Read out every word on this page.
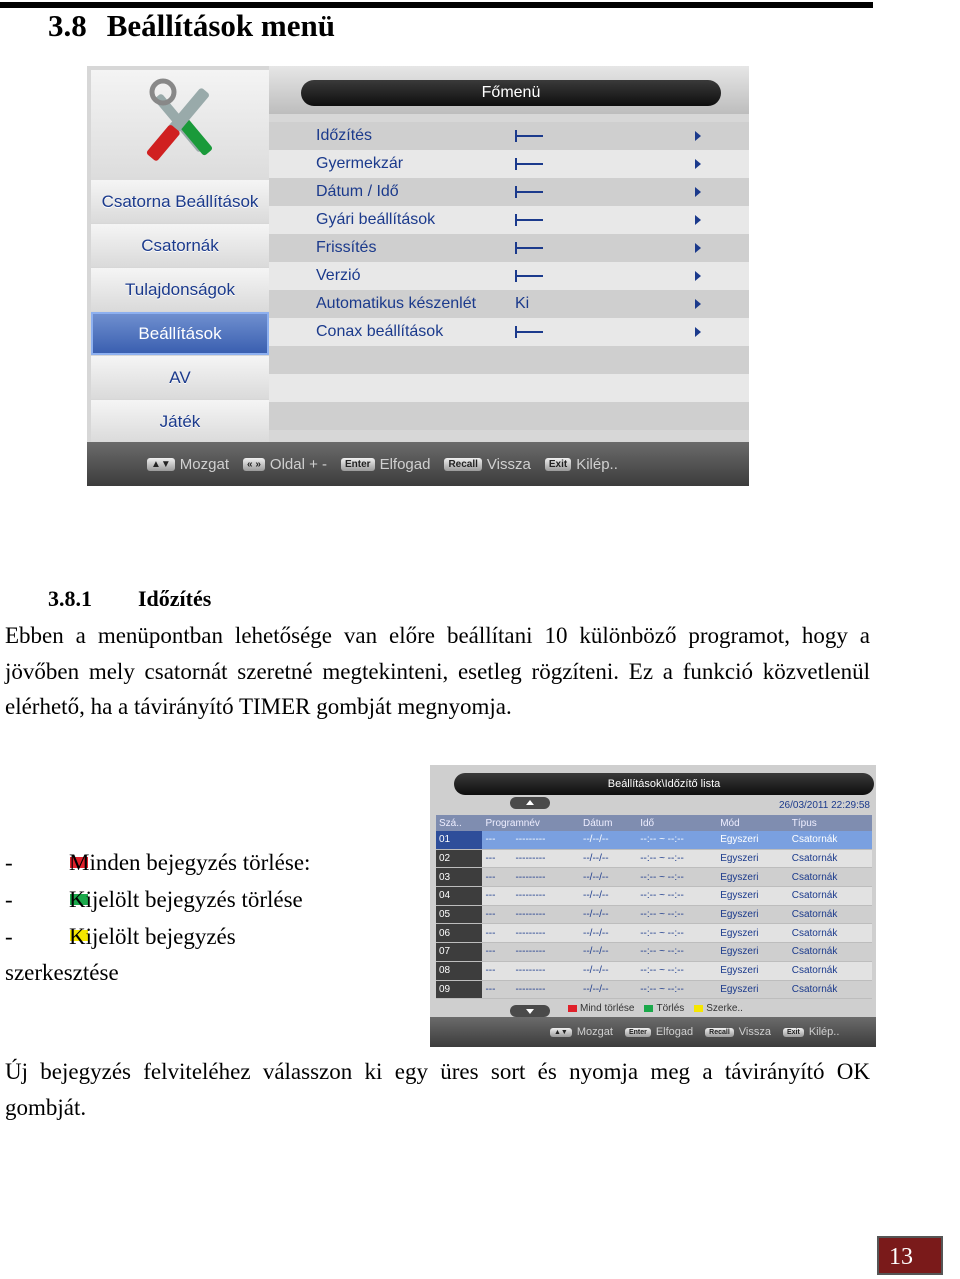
3.8 Beállítások menü
Csatorna Beállítások
Csatornák
Tulajdonságok
Beállítások
AV
Játék
Főmenü
Időzítés
Gyermekzár
Dátum / Idő
Gyári beállítások
Frissítés
Verzió
Automatikus készenlét Ki
Conax beállítások
▲▼ Mozgat	« » Oldal + -	Enter Elfogad	Recall Vissza	Exit Kilép..
3.8.1 Időzítés
Ebben a menüpontban lehetősége van előre beállítani 10 különböző programot, hogy a jövőben mely csatornát szeretné megtekinteni, esetleg rögzíteni. Ez a funkció közvetlenül elérhető, ha a távirányító TIMER gombját megnyomja.
- Minden bejegyzés törlése:
- Kijelölt bejegyzés törlése
- Kijelölt bejegyzés
szerkesztése
Beállítások\Időzítő lista
26/03/2011 22:29:58
Szá..	Programnév		Dátum	Idő	Mód	Típus
01	---	---------	--/--/--	--:-- ~ --:--	Egyszeri	Csatornák
02	---	---------	--/--/--	--:-- ~ --:--	Egyszeri	Csatornák
03	---	---------	--/--/--	--:-- ~ --:--	Egyszeri	Csatornák
04	---	---------	--/--/--	--:-- ~ --:--	Egyszeri	Csatornák
05	---	---------	--/--/--	--:-- ~ --:--	Egyszeri	Csatornák
06	---	---------	--/--/--	--:-- ~ --:--	Egyszeri	Csatornák
07	---	---------	--/--/--	--:-- ~ --:--	Egyszeri	Csatornák
08	---	---------	--/--/--	--:-- ~ --:--	Egyszeri	Csatornák
09	---	---------	--/--/--	--:-- ~ --:--	Egyszeri	Csatornák
Mind törlése Törlés Szerke..
▲▼ Mozgat	Enter Elfogad	Recall Vissza	Exit Kilép..
Új bejegyzés felviteléhez válasszon ki egy üres sort és nyomja meg a távirányító OK gombját.
13
